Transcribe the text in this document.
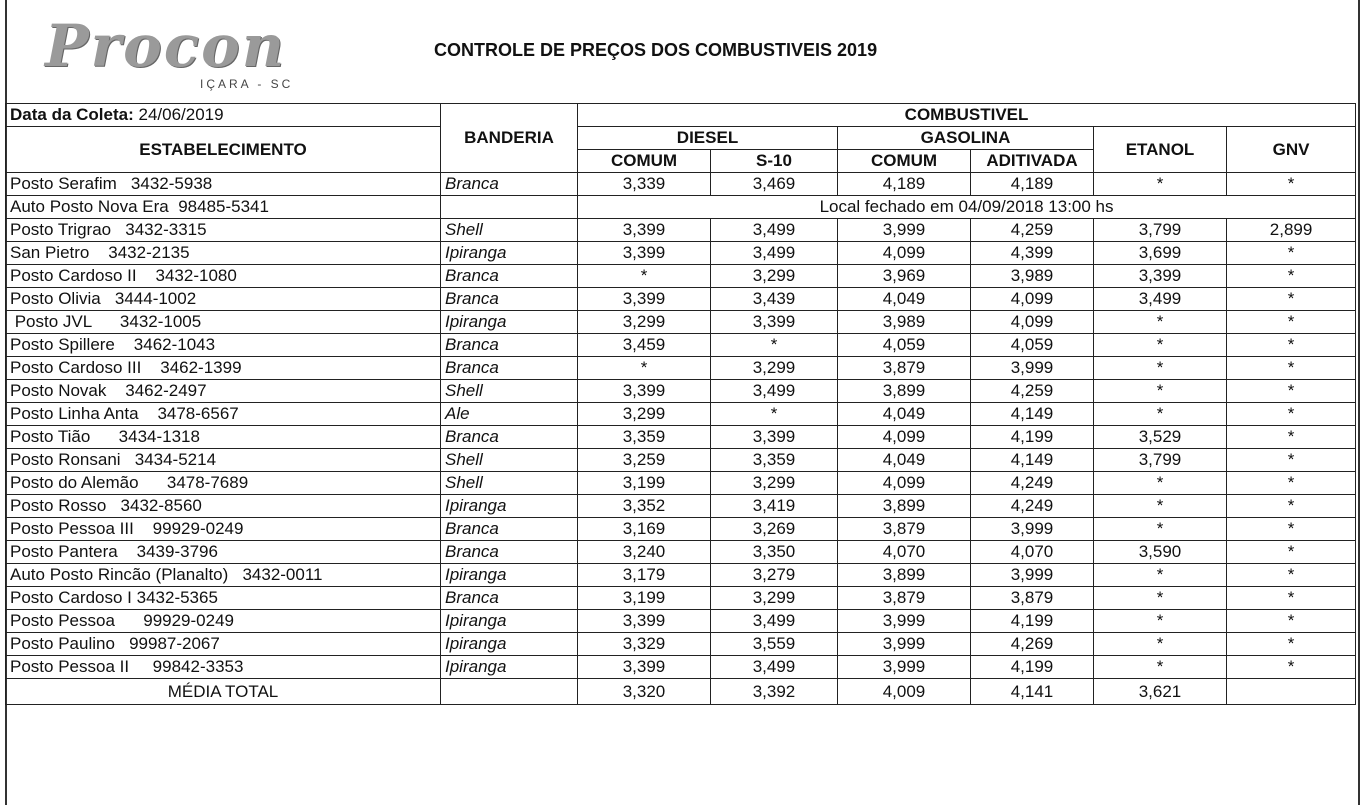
Procon
IÇARA - SC
CONTROLE DE PREÇOS DOS COMBUSTIVEIS 2019
Data da Coleta: 24/06/2019	BANDERIA	COMBUSTIVEL					
ESTABELECIMENTO		DIESEL		GASOLINA		ETANOL	GNV
		COMUM	S-10	COMUM	ADITIVADA		
Posto Serafim   3432-5938	Branca	3,339	3,469	4,189	4,189	*	*
Auto Posto Nova Era  98485-5341		Local fechado em 04/09/2018 13:00 hs					
Posto Trigrao   3432-3315	Shell	3,399	3,499	3,999	4,259	3,799	2,899
San Pietro    3432-2135	Ipiranga	3,399	3,499	4,099	4,399	3,699	*
Posto Cardoso II    3432-1080	Branca	*	3,299	3,969	3,989	3,399	*
Posto Olivia   3444-1002	Branca	3,399	3,439	4,049	4,099	3,499	*
Posto JVL      3432-1005	Ipiranga	3,299	3,399	3,989	4,099	*	*
Posto Spillere    3462-1043	Branca	3,459	*	4,059	4,059	*	*
Posto Cardoso III    3462-1399	Branca	*	3,299	3,879	3,999	*	*
Posto Novak    3462-2497	Shell	3,399	3,499	3,899	4,259	*	*
Posto Linha Anta    3478-6567	Ale	3,299	*	4,049	4,149	*	*
Posto Tião      3434-1318	Branca	3,359	3,399	4,099	4,199	3,529	*
Posto Ronsani   3434-5214	Shell	3,259	3,359	4,049	4,149	3,799	*
Posto do Alemão      3478-7689	Shell	3,199	3,299	4,099	4,249	*	*
Posto Rosso   3432-8560	Ipiranga	3,352	3,419	3,899	4,249	*	*
Posto Pessoa III    99929-0249	Branca	3,169	3,269	3,879	3,999	*	*
Posto Pantera    3439-3796	Branca	3,240	3,350	4,070	4,070	3,590	*
Auto Posto Rincão (Planalto)   3432-0011	Ipiranga	3,179	3,279	3,899	3,999	*	*
Posto Cardoso I 3432-5365	Branca	3,199	3,299	3,879	3,879	*	*
Posto Pessoa      99929-0249	Ipiranga	3,399	3,499	3,999	4,199	*	*
Posto Paulino   99987-2067	Ipiranga	3,329	3,559	3,999	4,269	*	*
Posto Pessoa II     99842-3353	Ipiranga	3,399	3,499	3,999	4,199	*	*
MÉDIA TOTAL		3,320	3,392	4,009	4,141	3,621	
